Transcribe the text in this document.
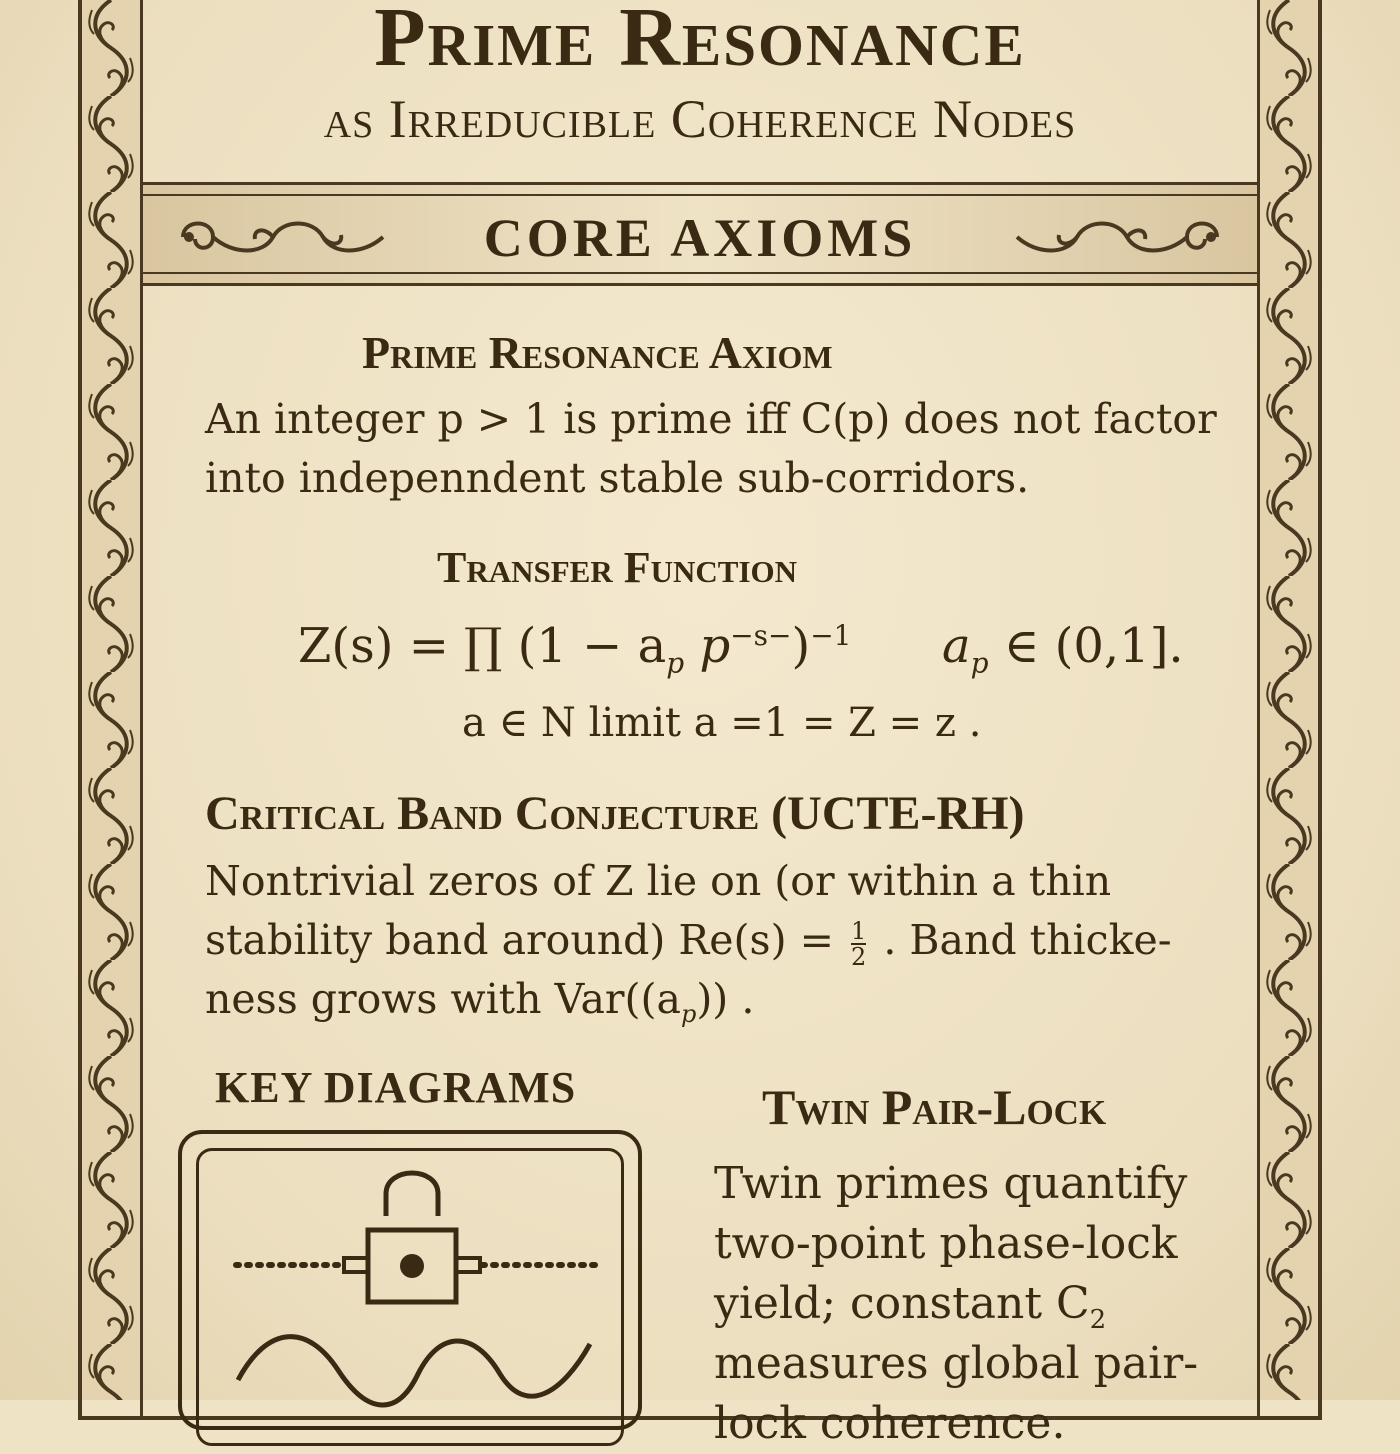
Prime Resonance
as Irreducible Coherence Nodes
CORE AXIOMS
Prime Resonance Axiom
An integer p > 1 is prime iff C(p) does not factor
into indepenndent stable sub-corridors.
Transfer Function
Z(s) = ∏ ($1 - a_p$ $p^{-s-})^{-1}$ $a_p$ ∈ (0,1].
a ∈ N limit a =1 = Z = z .
Critical Band Conjecture (UCTE-RH)
Nontrivial zeros of Z lie on (or within a thin
stability band around) $Re(s) = \frac{1}{2}$ . Band thicke-
ness grows with $Var((a_p))$ .
KEY DIAGRAMS	Twin Pair-Lock
Twin primes quantify
two-point phase-lock
yield; constant $C_2$
measures global pair-
lock coherence.
